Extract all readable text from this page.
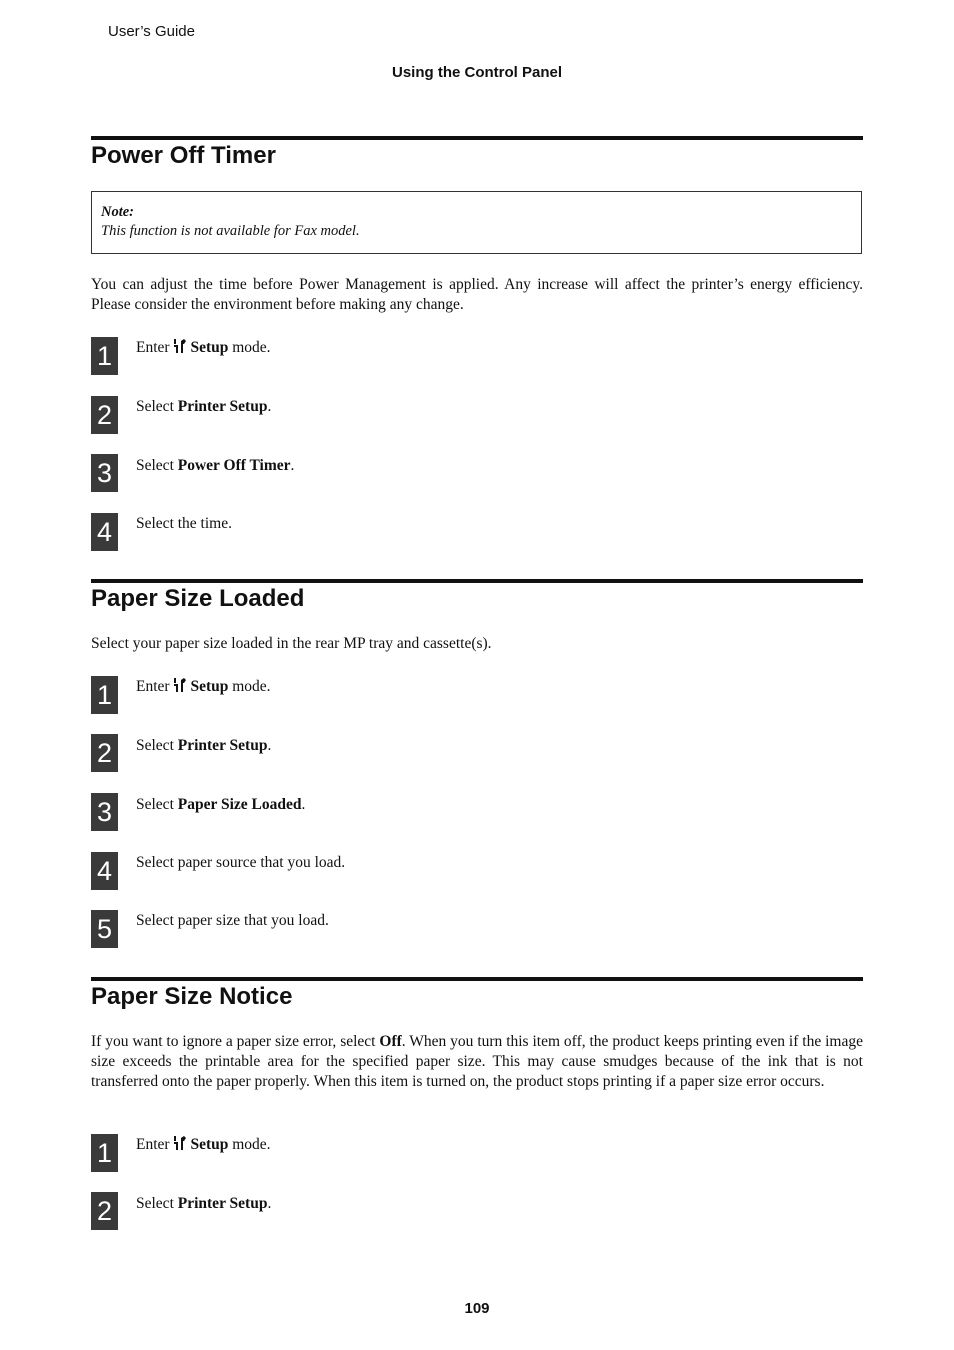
User’s Guide
Using the Control Panel
Power Off Timer
Note:
This function is not available for Fax model.
You can adjust the time before Power Management is applied. Any increase will affect the printer’s energy efficiency. Please consider the environment before making any change.
1	Enter Setup mode.
2	Select Printer Setup.
3	Select Power Off Timer.
4	Select the time.
Paper Size Loaded
Select your paper size loaded in the rear MP tray and cassette(s).
1	Enter Setup mode.
2	Select Printer Setup.
3	Select Paper Size Loaded.
4	Select paper source that you load.
5	Select paper size that you load.
Paper Size Notice
If you want to ignore a paper size error, select Off. When you turn this item off, the product keeps printing even if the image size exceeds the printable area for the specified paper size. This may cause smudges because of the ink that is not transferred onto the paper properly. When this item is turned on, the product stops printing if a paper size error occurs.
1	Enter Setup mode.
2	Select Printer Setup.
109
